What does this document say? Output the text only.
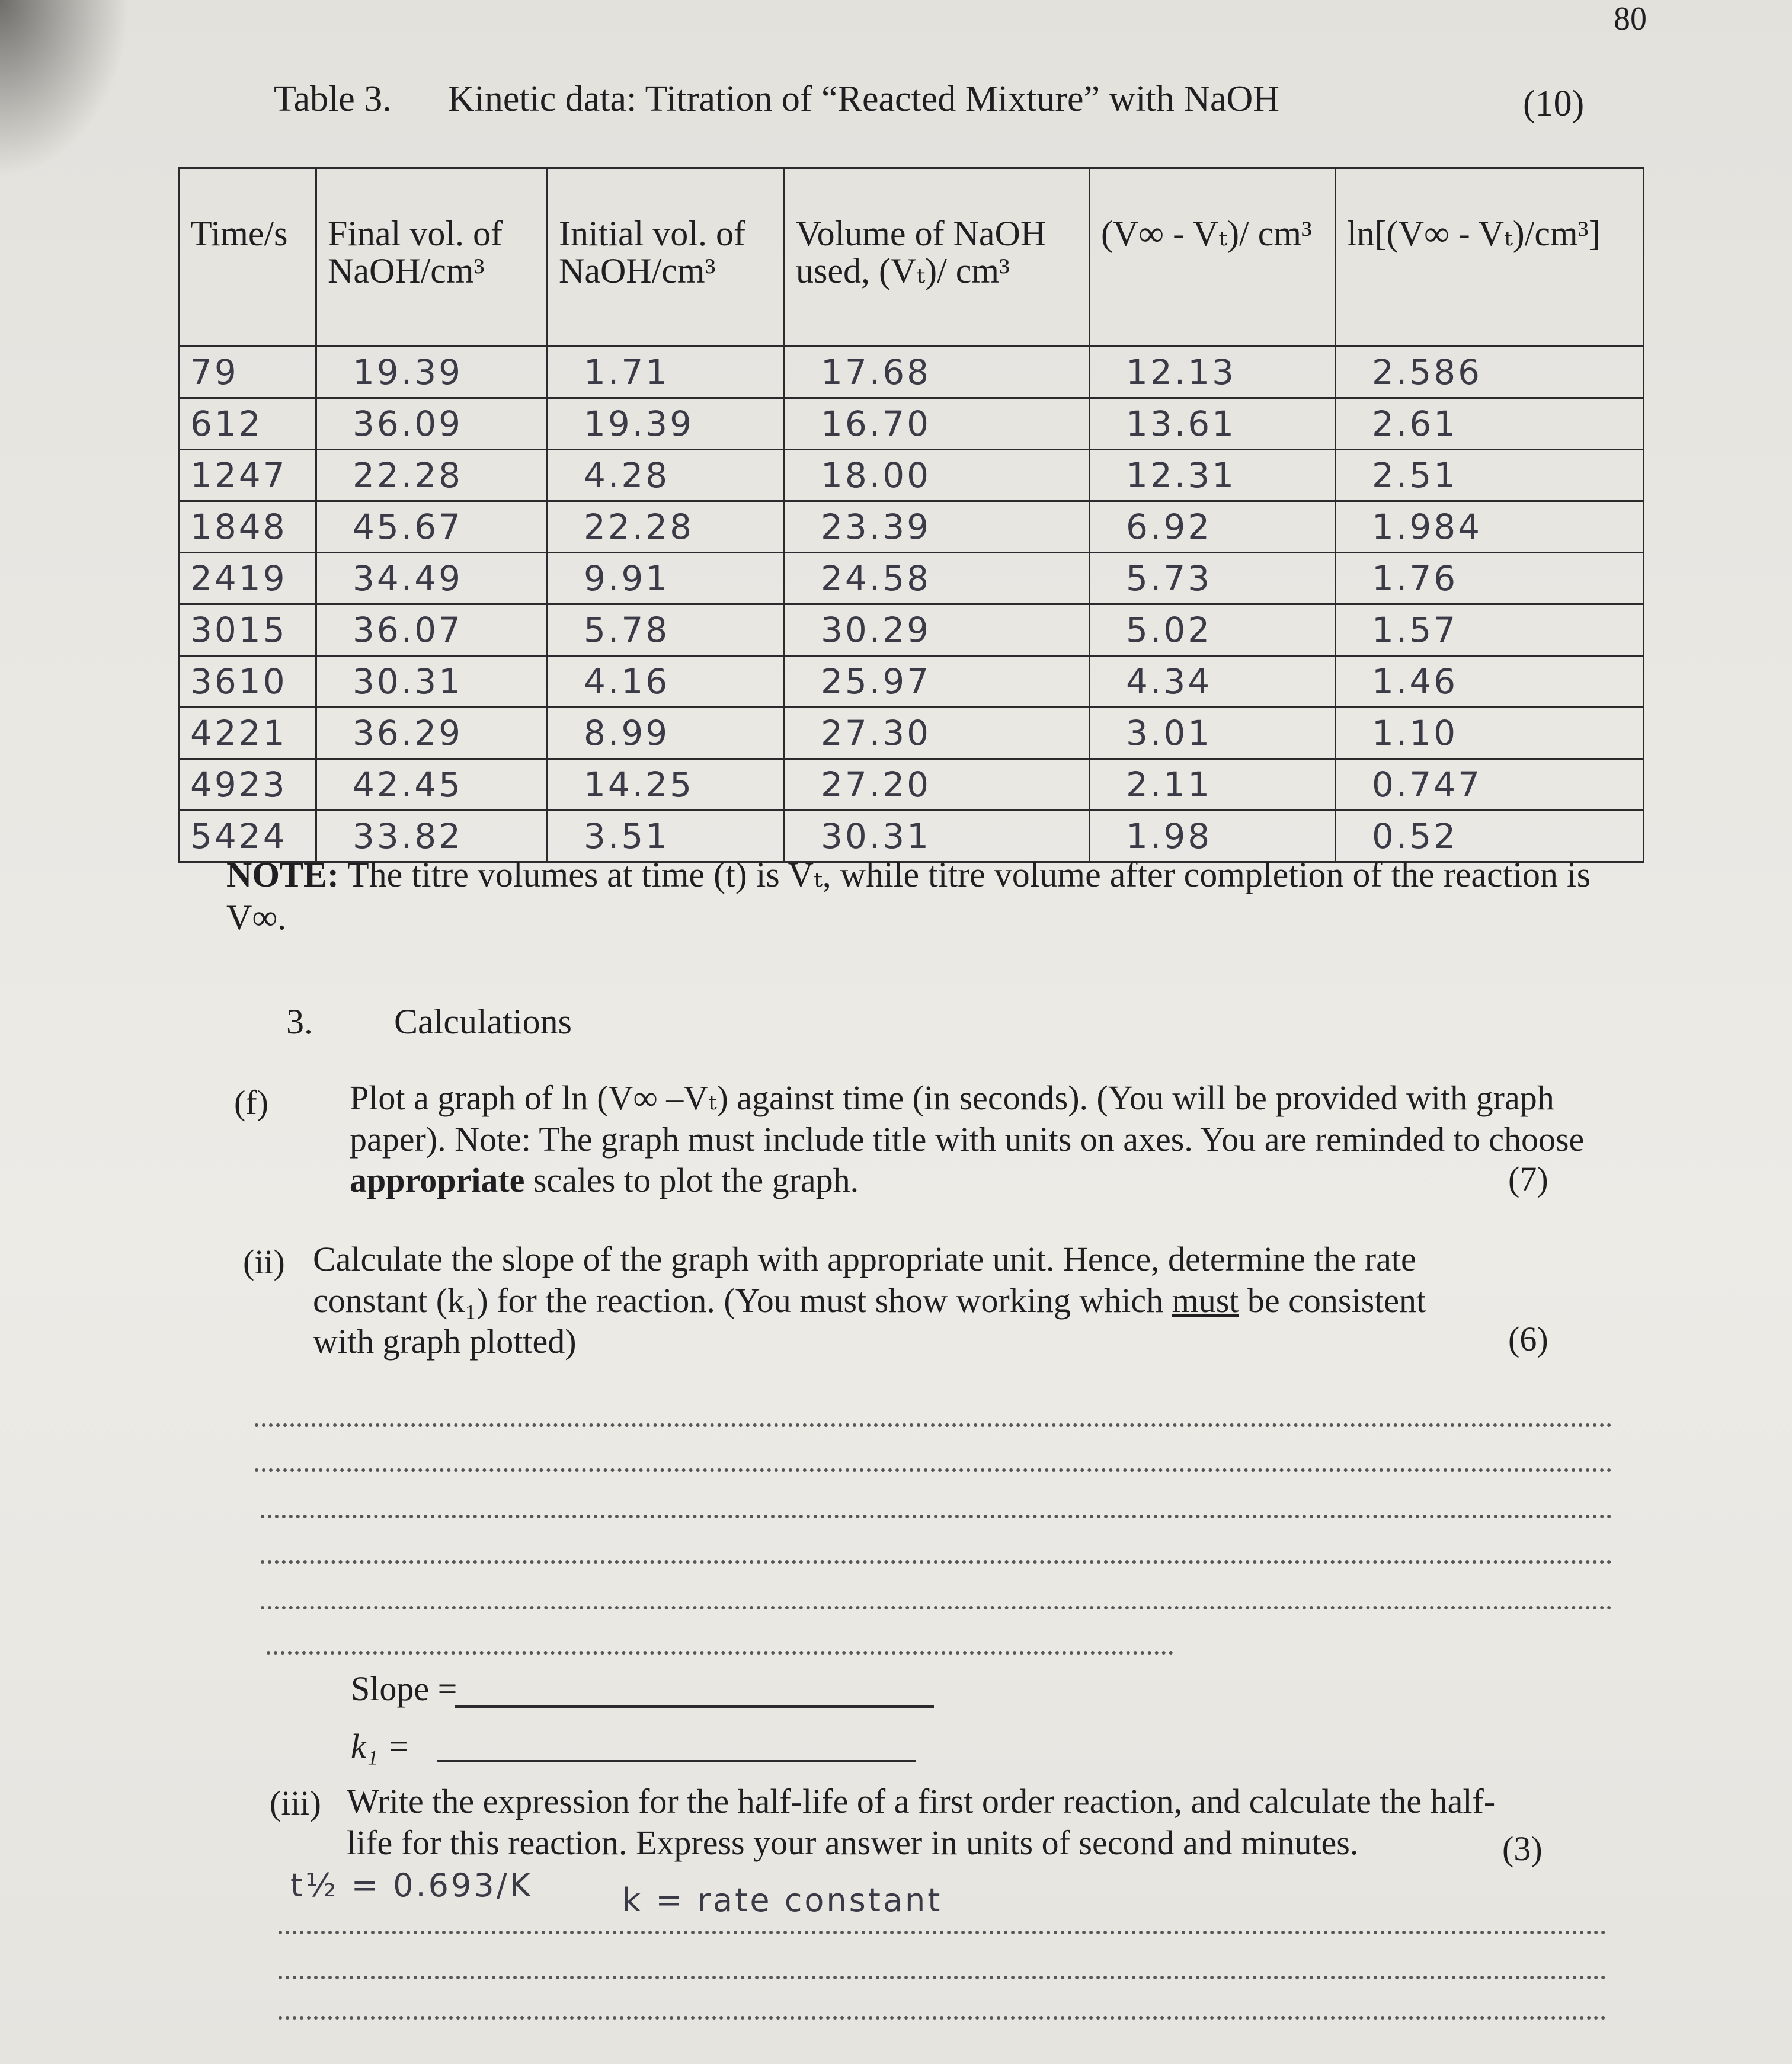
80
Table 3. Kinetic data: Titration of “Reacted Mixture” with NaOH	(10)
Time/s	Final vol. of NaOH/cm³	Initial vol. of NaOH/cm³	Volume of NaOH used, (Vₜ)/ cm³	(V∞ - Vₜ)/ cm³	ln[(V∞ - Vₜ)/cm³]
79	19.39	1.71	17.68	12.13	2.586
612	36.09	19.39	16.70	13.61	2.61
1247	22.28	4.28	18.00	12.31	2.51
1848	45.67	22.28	23.39	6.92	1.984
2419	34.49	9.91	24.58	5.73	1.76
3015	36.07	5.78	30.29	5.02	1.57
3610	30.31	4.16	25.97	4.34	1.46
4221	36.29	8.99	27.30	3.01	1.10
4923	42.45	14.25	27.20	2.11	0.747
5424	33.82	3.51	30.31	1.98	0.52
NOTE: The titre volumes at time (t) is Vₜ, while titre volume after completion of the reaction is V∞.
3. Calculations
(f) Plot a graph of ln (V∞ –Vₜ) against time (in seconds). (You will be provided with graph paper). Note: The graph must include title with units on axes. You are reminded to choose appropriate scales to plot the graph.	(7)
(ii) Calculate the slope of the graph with appropriate unit. Hence, determine the rate constant (k₁) for the reaction. (You must show working which must be consistent with graph plotted)	(6)
Slope =
k₁ =
(iii) Write the expression for the half-life of a first order reaction, and calculate the half-life for this reaction. Express your answer in units of second and minutes.	(3)
t½ = 0.693/K	k = rate constant
